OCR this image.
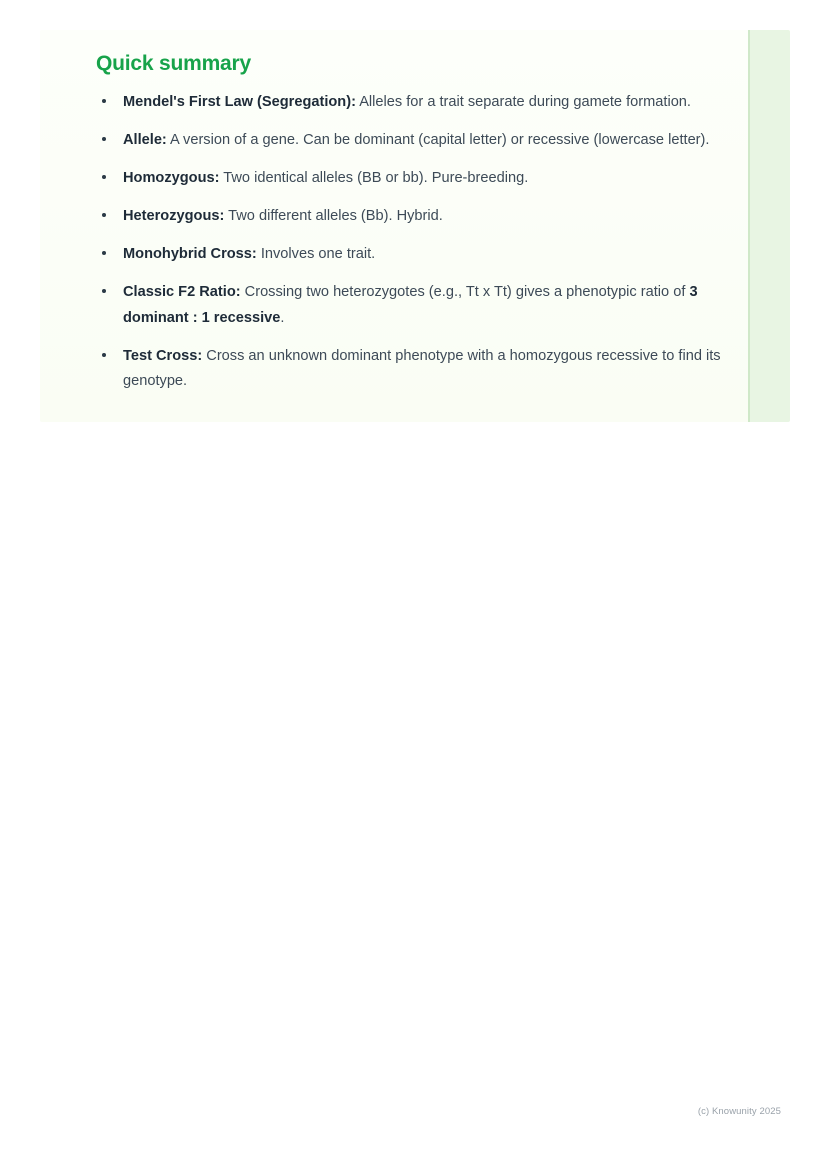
Quick summary
Mendel's First Law (Segregation): Alleles for a trait separate during gamete formation.
Allele: A version of a gene. Can be dominant (capital letter) or recessive (lowercase letter).
Homozygous: Two identical alleles (BB or bb). Pure-breeding.
Heterozygous: Two different alleles (Bb). Hybrid.
Monohybrid Cross: Involves one trait.
Classic F2 Ratio: Crossing two heterozygotes (e.g., Tt x Tt) gives a phenotypic ratio of 3 dominant : 1 recessive.
Test Cross: Cross an unknown dominant phenotype with a homozygous recessive to find its genotype.
(c) Knowunity 2025
